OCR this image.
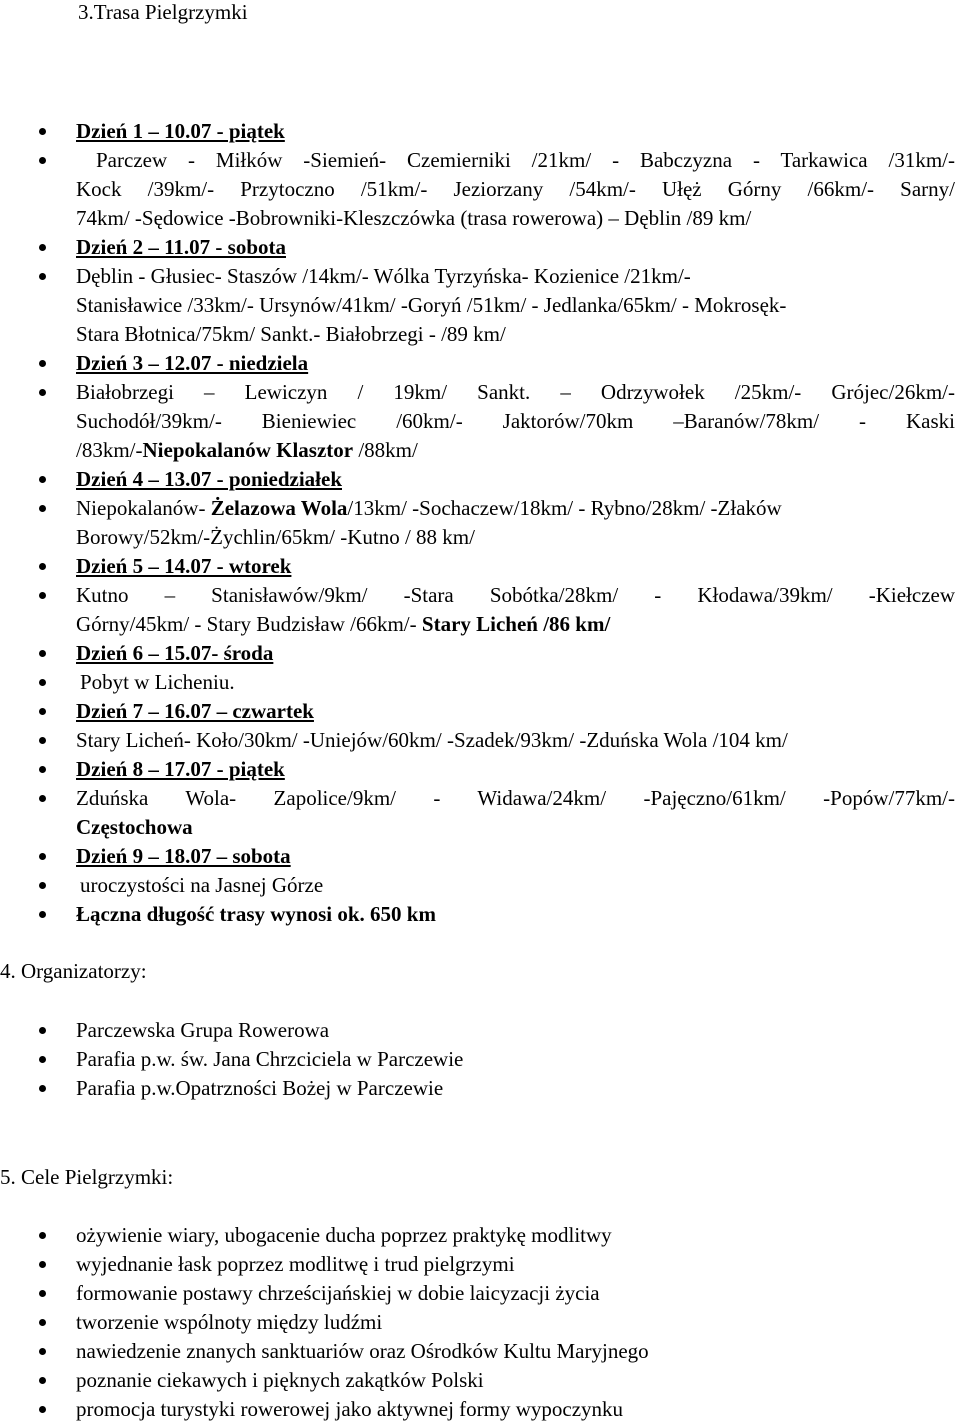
3.Trasa Pielgrzymki
Dzień 1 – 10.07 - piątek
Parczew - Miłków -Siemień- Czemierniki /21km/ - Babczyzna - Tarkawica /31km/-
Kock /39km/- Przytoczno /51km/- Jeziorzany /54km/- Ułęż Górny /66km/- Sarny/
74km/ -Sędowice -Bobrowniki-Kleszczówka (trasa rowerowa) – Dęblin /89 km/
Dzień 2 – 11.07 - sobota
Dęblin - Głusiec- Staszów /14km/- Wólka Tyrzyńska- Kozienice /21km/-
Stanisławice /33km/- Ursynów/41km/ -Goryń /51km/ - Jedlanka/65km/ - Mokrosęk-
Stara Błotnica/75km/ Sankt.- Białobrzegi - /89 km/
Dzień 3 – 12.07 - niedziela
Białobrzegi – Lewiczyn / 19km/ Sankt. – Odrzywołek /25km/- Grójec/26km/-
Suchodół/39km/- Bieniewiec /60km/- Jaktorów/70km –Baranów/78km/ - Kaski
/83km/-Niepokalanów Klasztor /88km/
Dzień 4 – 13.07 - poniedziałek
Niepokalanów- Żelazowa Wola/13km/ -Sochaczew/18km/ - Rybno/28km/ -Złaków
Borowy/52km/-Żychlin/65km/ -Kutno / 88 km/
Dzień 5 – 14.07 - wtorek
Kutno – Stanisławów/9km/ -Stara Sobótka/28km/ - Kłodawa/39km/ -Kiełczew
Górny/45km/ - Stary Budzisław /66km/- Stary Licheń /86 km/
Dzień 6 – 15.07- środa
Pobyt w Licheniu.
Dzień 7 – 16.07 – czwartek
Stary Licheń- Koło/30km/ -Uniejów/60km/ -Szadek/93km/ -Zduńska Wola /104 km/
Dzień 8 – 17.07 - piątek
Zduńska Wola- Zapolice/9km/ - Widawa/24km/ -Pajęczno/61km/ -Popów/77km/-
Częstochowa
Dzień 9 – 18.07 – sobota
uroczystości na Jasnej Górze
Łączna długość trasy wynosi ok. 650 km
4. Organizatorzy:
Parczewska Grupa Rowerowa
Parafia p.w. św. Jana Chrzciciela w Parczewie
Parafia p.w.Opatrzności Bożej w Parczewie
5. Cele Pielgrzymki:
ożywienie wiary, ubogacenie ducha poprzez praktykę modlitwy
wyjednanie łask poprzez modlitwę i trud pielgrzymi
formowanie postawy chrześcijańskiej w dobie laicyzacji życia
tworzenie wspólnoty między ludźmi
nawiedzenie znanych sanktuariów oraz Ośrodków Kultu Maryjnego
poznanie ciekawych i pięknych zakątków Polski
promocja turystyki rowerowej jako aktywnej formy wypoczynku
